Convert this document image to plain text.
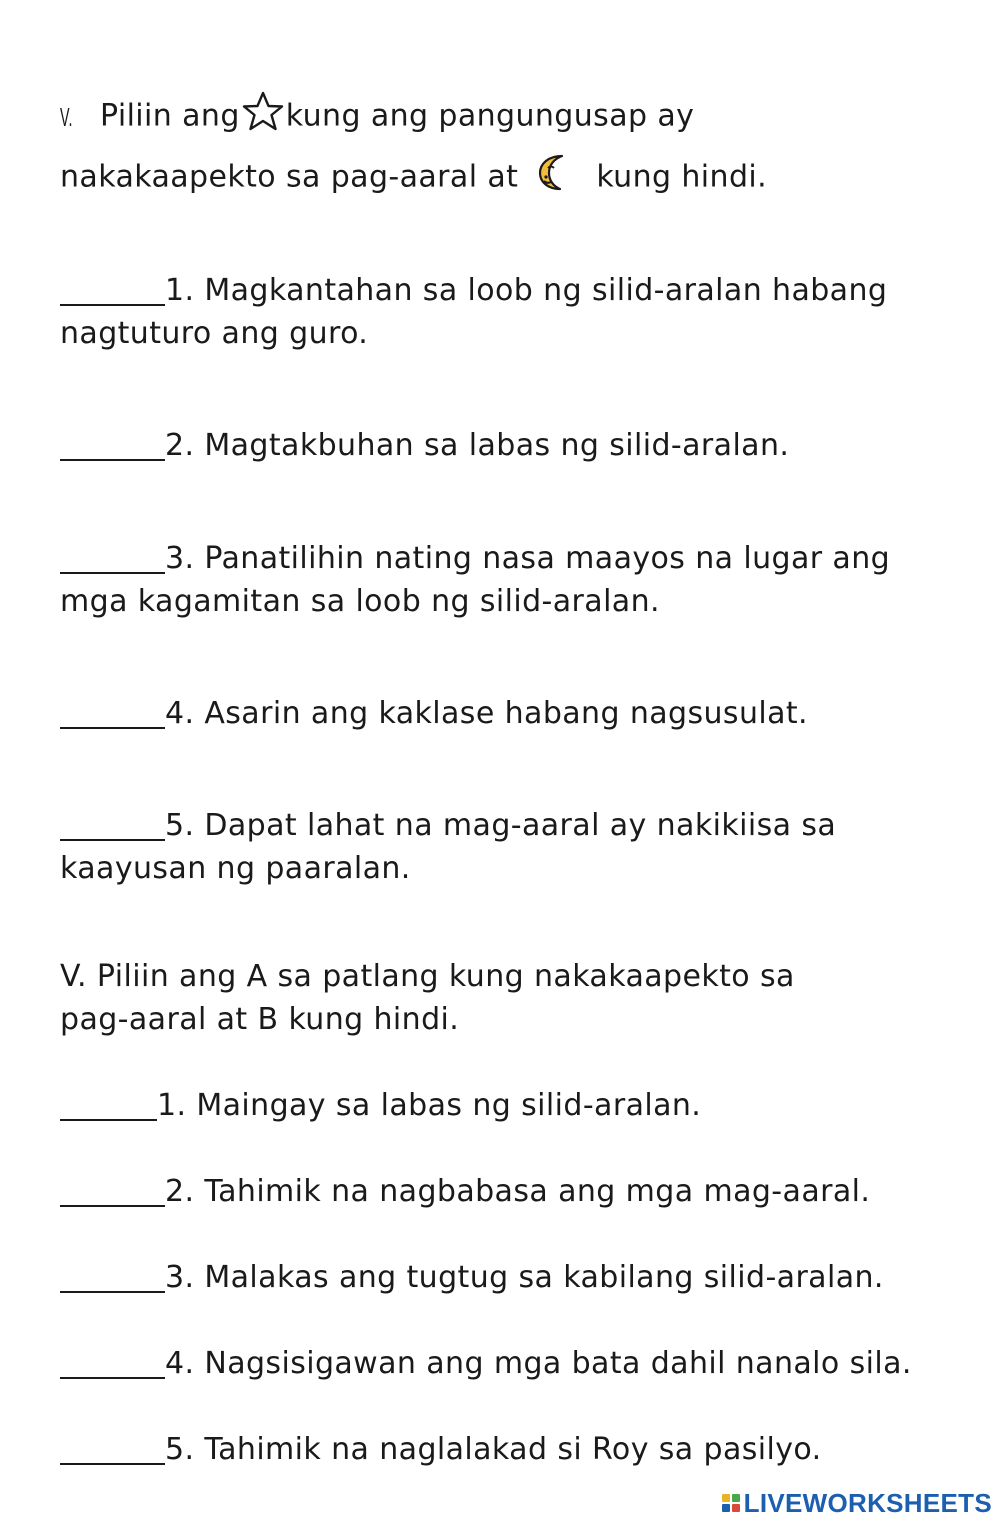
V. Piliin ang kung ang pangungusap ay
nakakaapekto sa pag-aaral at	kung hindi.
1. Magkantahan sa loob ng silid-aralan habang
nagtuturo ang guro.
2. Magtakbuhan sa labas ng silid-aralan.
3. Panatilihin nating nasa maayos na lugar ang
mga kagamitan sa loob ng silid-aralan.
4. Asarin ang kaklase habang nagsusulat.
5. Dapat lahat na mag-aaral ay nakikiisa sa
kaayusan ng paaralan.
V. Piliin ang A sa patlang kung nakakaapekto sa
pag-aaral at B kung hindi.
1. Maingay sa labas ng silid-aralan.
2. Tahimik na nagbabasa ang mga mag-aaral.
3. Malakas ang tugtug sa kabilang silid-aralan.
4. Nagsisigawan ang mga bata dahil nanalo sila.
5. Tahimik na naglalakad si Roy sa pasilyo.
LIVEWORKSHEETS
